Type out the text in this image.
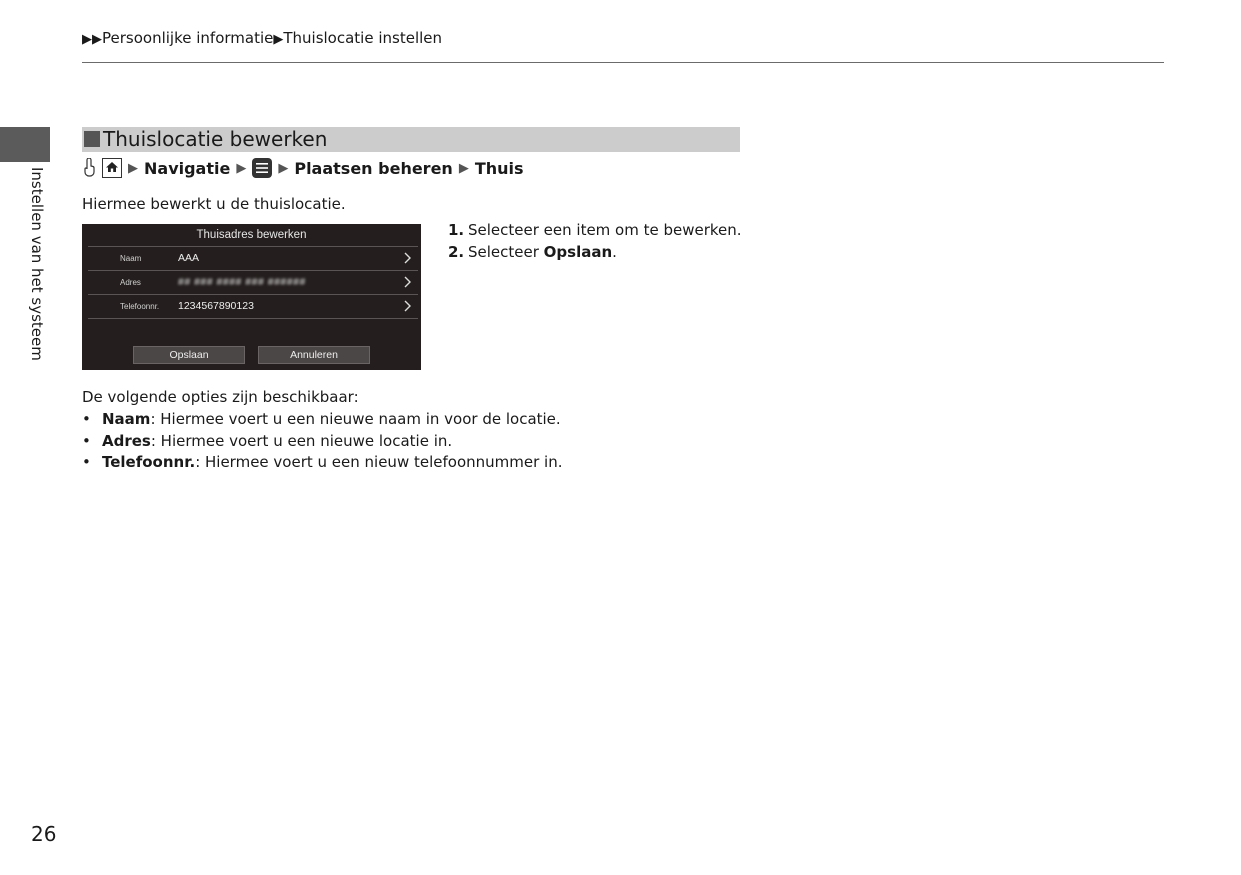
▶▶Persoonlijke informatie▶Thuislocatie instellen
Instellen van het systeem
Thuislocatie bewerken
▶ Navigatie ▶ ▶ Plaatsen beheren ▶ Thuis
Hiermee bewerkt u de thuislocatie.
Thuisadres bewerken
Naam	AAA
Adres	## ### #### ### ######
Telefoonnr. 1234567890123
Opslaan	Annuleren
1. Selecteer een item om te bewerken.
2. Selecteer Opslaan.
De volgende opties zijn beschikbaar:
• Naam: Hiermee voert u een nieuwe naam in voor de locatie.
• Adres: Hiermee voert u een nieuwe locatie in.
• Telefoonnr.: Hiermee voert u een nieuw telefoonnummer in.
26
